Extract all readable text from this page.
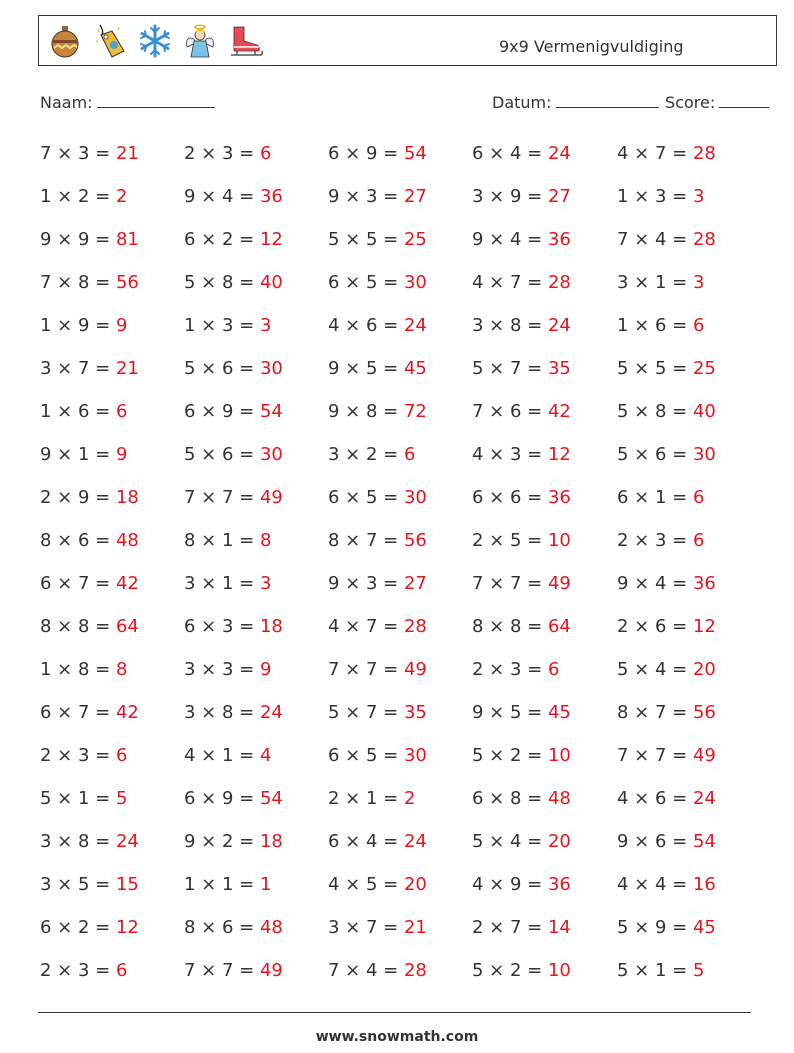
9x9 Vermenigvuldiging
Naam:	Datum:	Score:
7 × 3 = 21	2 × 3 = 6	6 × 9 = 54	6 × 4 = 24	4 × 7 = 28
1 × 2 = 2	9 × 4 = 36	9 × 3 = 27	3 × 9 = 27	1 × 3 = 3
9 × 9 = 81	6 × 2 = 12	5 × 5 = 25	9 × 4 = 36	7 × 4 = 28
7 × 8 = 56	5 × 8 = 40	6 × 5 = 30	4 × 7 = 28	3 × 1 = 3
1 × 9 = 9	1 × 3 = 3	4 × 6 = 24	3 × 8 = 24	1 × 6 = 6
3 × 7 = 21	5 × 6 = 30	9 × 5 = 45	5 × 7 = 35	5 × 5 = 25
1 × 6 = 6	6 × 9 = 54	9 × 8 = 72	7 × 6 = 42	5 × 8 = 40
9 × 1 = 9	5 × 6 = 30	3 × 2 = 6	4 × 3 = 12	5 × 6 = 30
2 × 9 = 18	7 × 7 = 49	6 × 5 = 30	6 × 6 = 36	6 × 1 = 6
8 × 6 = 48	8 × 1 = 8	8 × 7 = 56	2 × 5 = 10	2 × 3 = 6
6 × 7 = 42	3 × 1 = 3	9 × 3 = 27	7 × 7 = 49	9 × 4 = 36
8 × 8 = 64	6 × 3 = 18	4 × 7 = 28	8 × 8 = 64	2 × 6 = 12
1 × 8 = 8	3 × 3 = 9	7 × 7 = 49	2 × 3 = 6	5 × 4 = 20
6 × 7 = 42	3 × 8 = 24	5 × 7 = 35	9 × 5 = 45	8 × 7 = 56
2 × 3 = 6	4 × 1 = 4	6 × 5 = 30	5 × 2 = 10	7 × 7 = 49
5 × 1 = 5	6 × 9 = 54	2 × 1 = 2	6 × 8 = 48	4 × 6 = 24
3 × 8 = 24	9 × 2 = 18	6 × 4 = 24	5 × 4 = 20	9 × 6 = 54
3 × 5 = 15	1 × 1 = 1	4 × 5 = 20	4 × 9 = 36	4 × 4 = 16
6 × 2 = 12	8 × 6 = 48	3 × 7 = 21	2 × 7 = 14	5 × 9 = 45
2 × 3 = 6	7 × 7 = 49	7 × 4 = 28	5 × 2 = 10	5 × 1 = 5
www.snowmath.com
